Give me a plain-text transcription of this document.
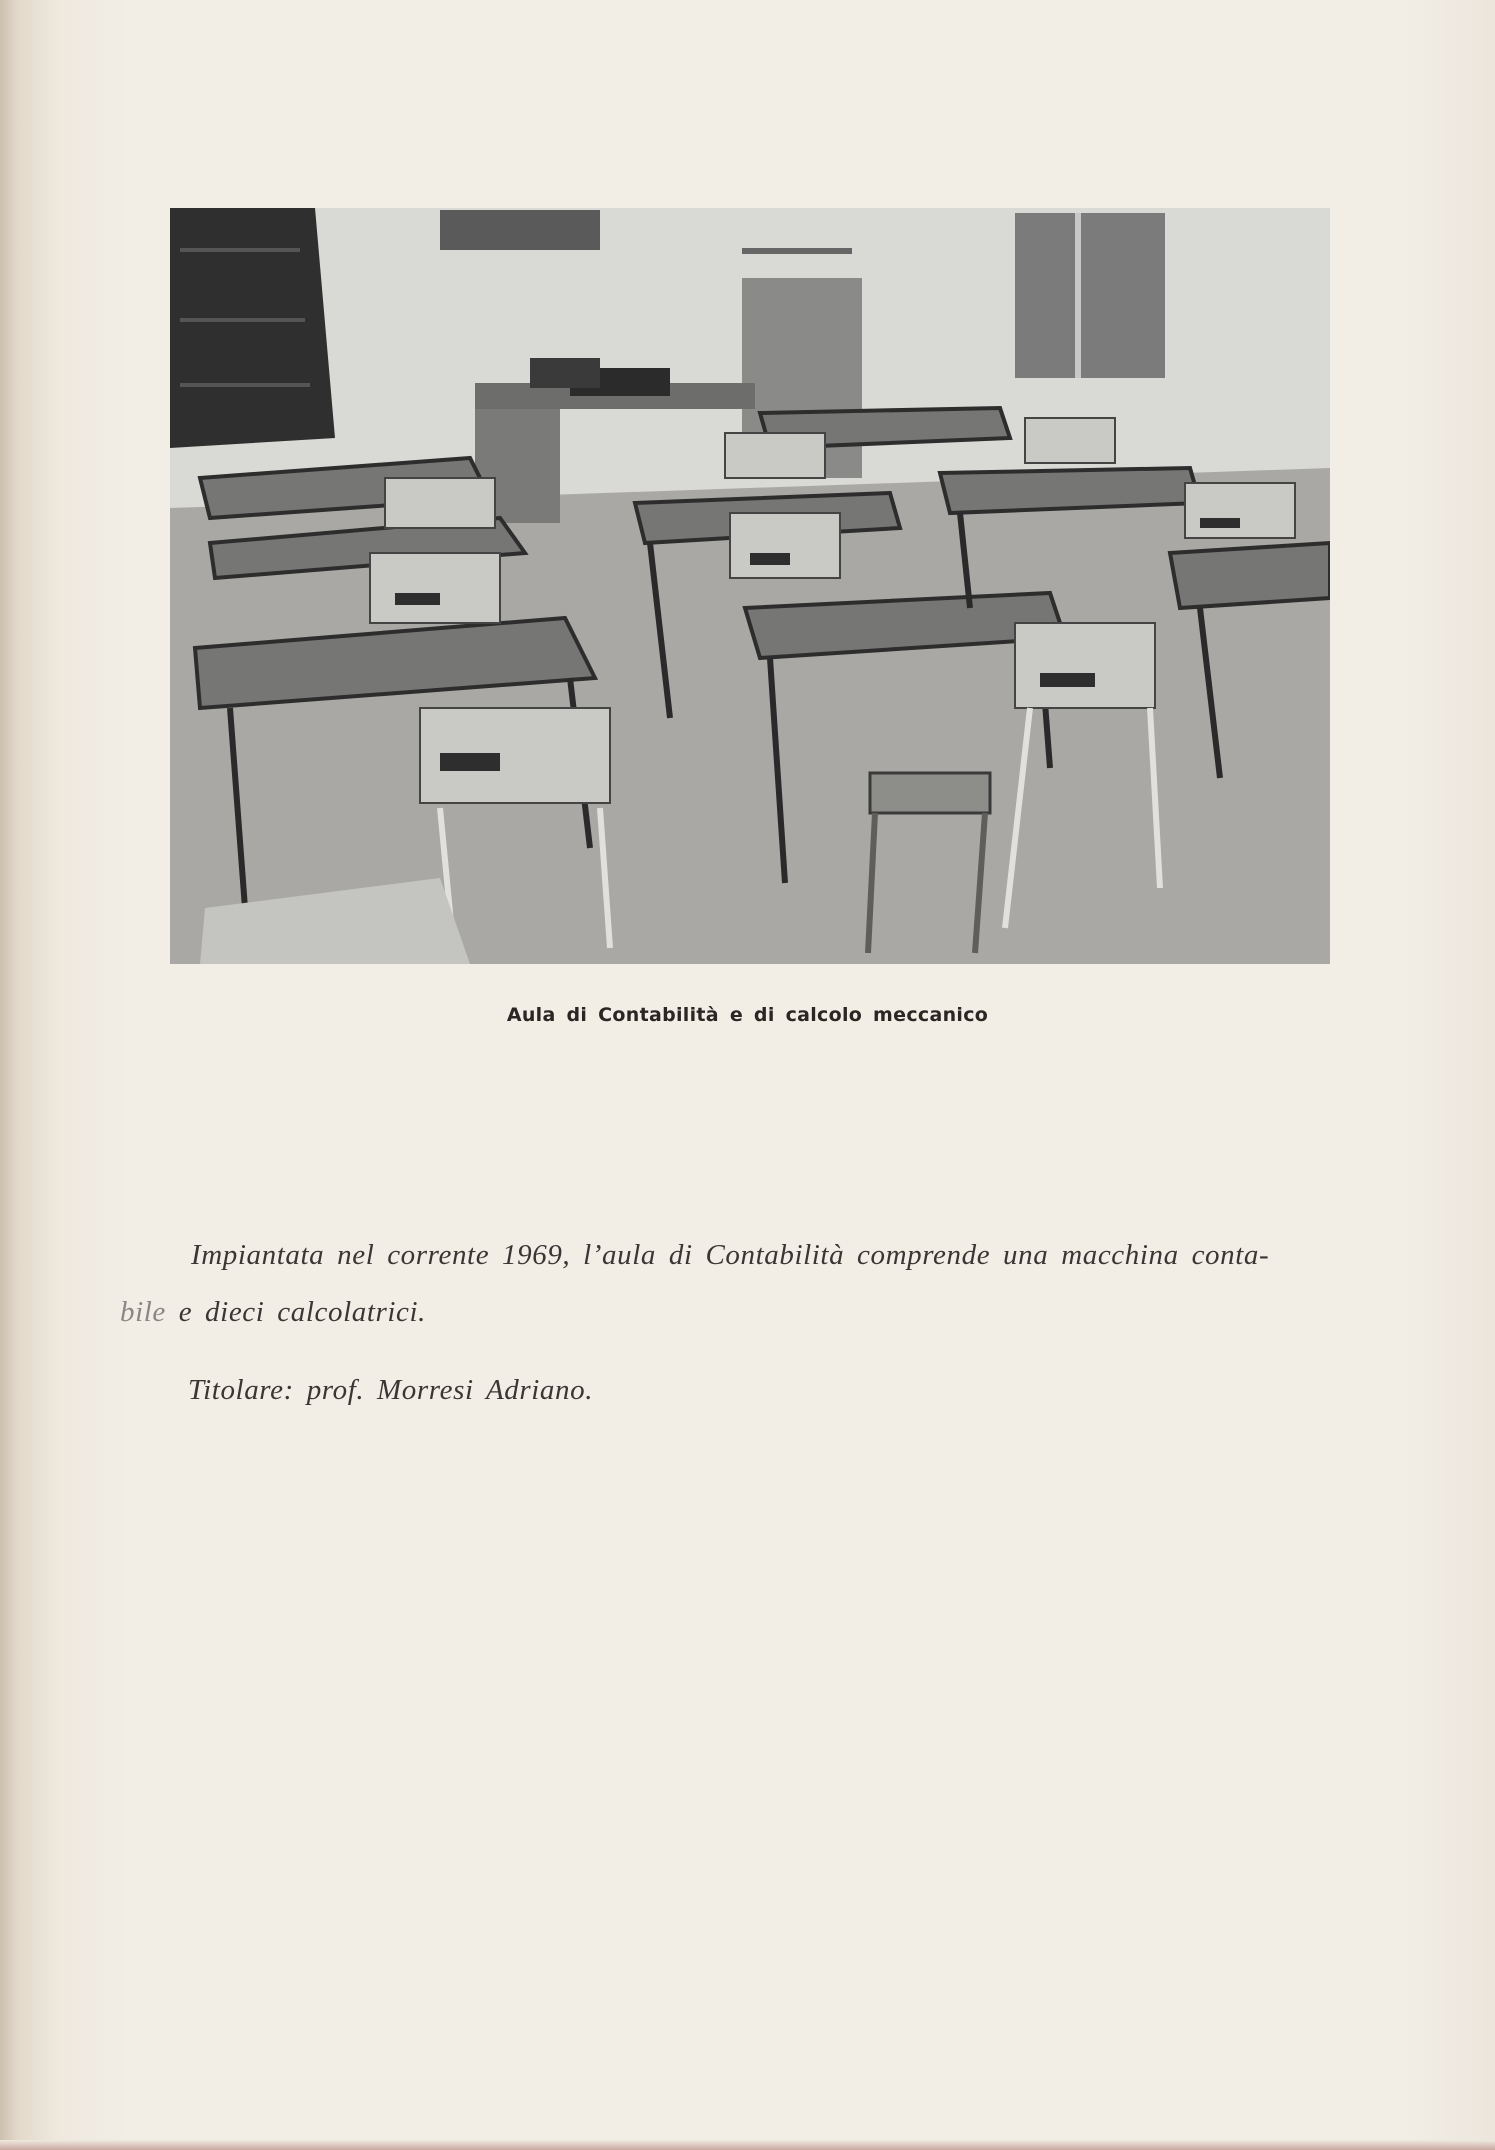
Aula di Contabilità e di calcolo meccanico
Impiantata nel corrente 1969, l’aula di Contabilità comprende una macchina conta-
bile e dieci calcolatrici.
Titolare: prof. Morresi Adriano.
